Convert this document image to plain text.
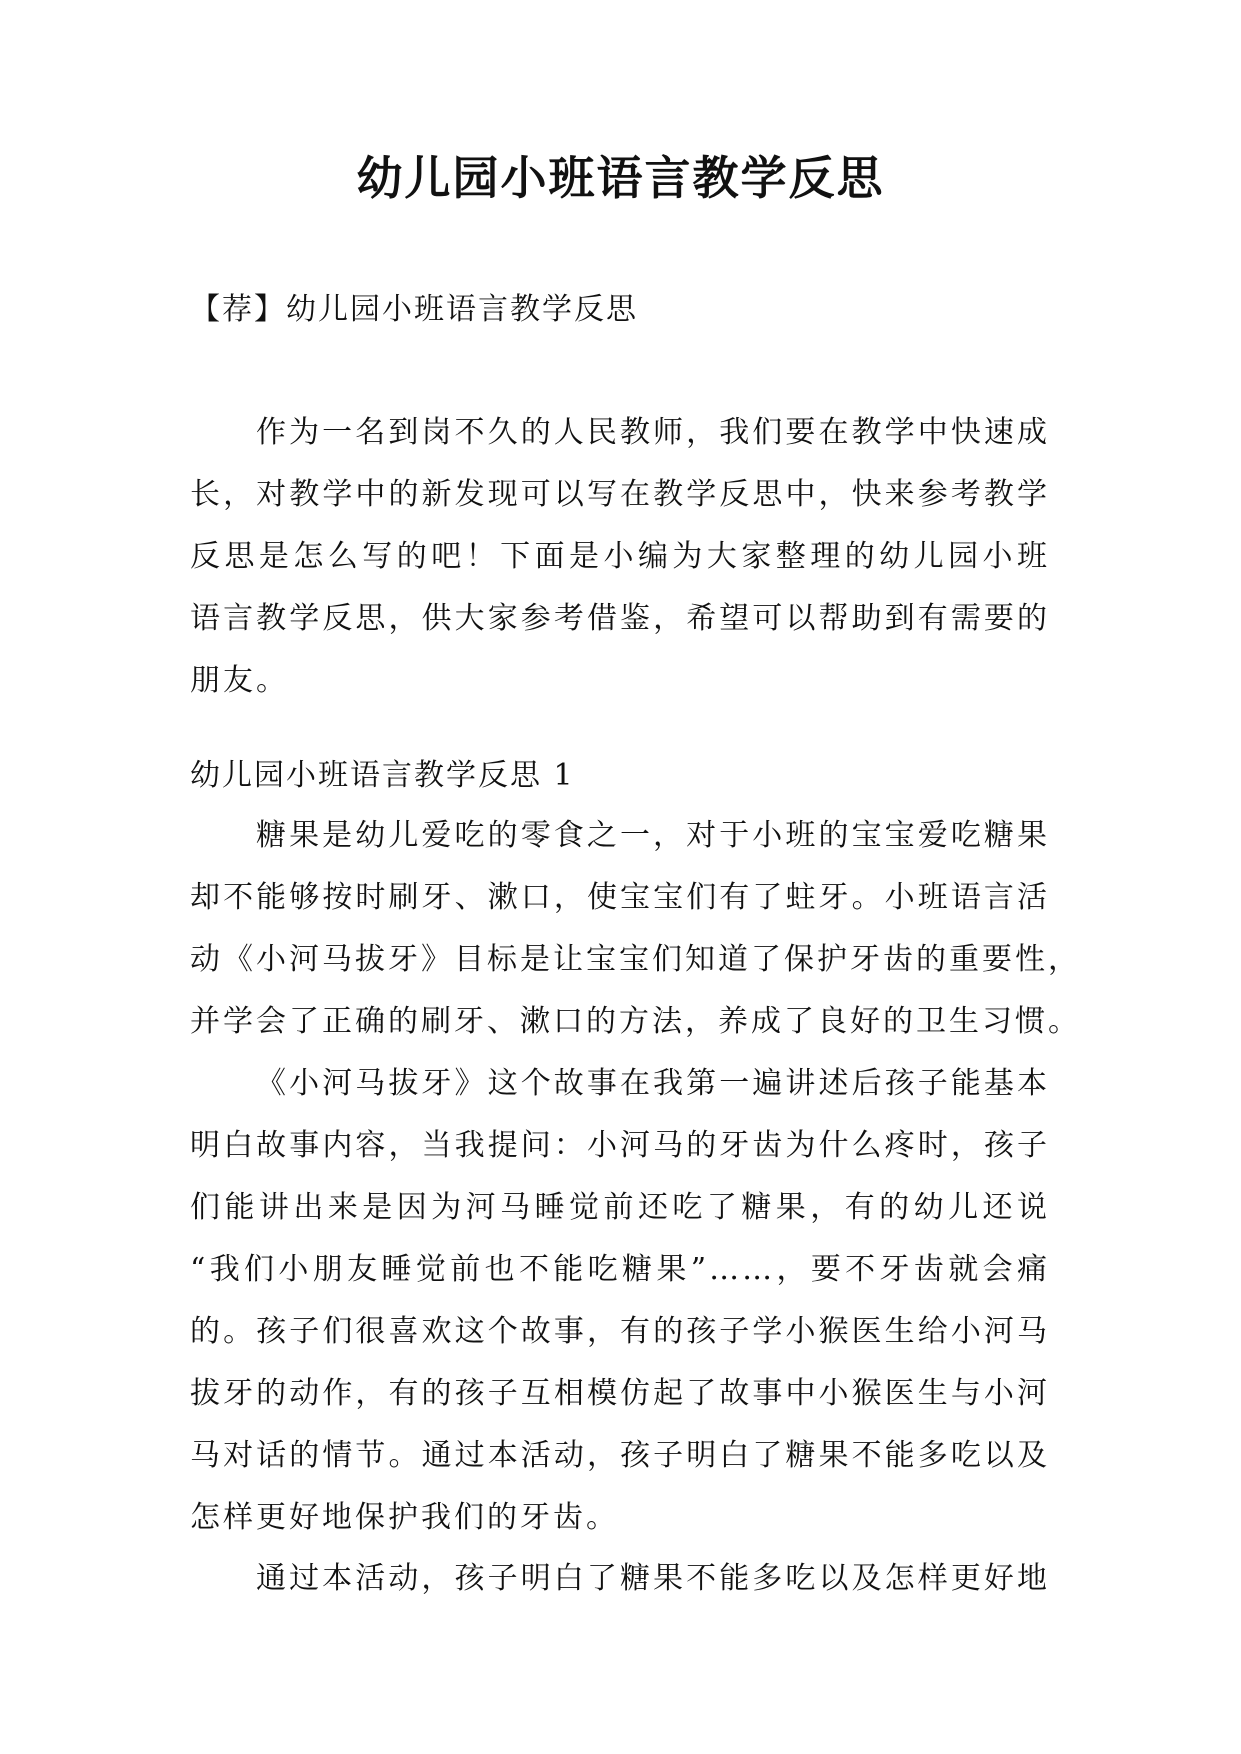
幼儿园小班语言教学反思
【荐】幼儿园小班语言教学反思
作为一名到岗不久的人民教师，我们要在教学中快速成
长，对教学中的新发现可以写在教学反思中，快来参考教学
反思是怎么写的吧！下面是小编为大家整理的幼儿园小班
语言教学反思，供大家参考借鉴，希望可以帮助到有需要的
朋友。
幼儿园小班语言教学反思 1
糖果是幼儿爱吃的零食之一，对于小班的宝宝爱吃糖果
却不能够按时刷牙、漱口，使宝宝们有了蛀牙。小班语言活
动《小河马拔牙》目标是让宝宝们知道了保护牙齿的重要性，
并学会了正确的刷牙、漱口的方法，养成了良好的卫生习惯。
《小河马拔牙》这个故事在我第一遍讲述后孩子能基本
明白故事内容，当我提问：小河马的牙齿为什么疼时，孩子
们能讲出来是因为河马睡觉前还吃了糖果，有的幼儿还说
“我们小朋友睡觉前也不能吃糖果”……，要不牙齿就会痛
的。孩子们很喜欢这个故事，有的孩子学小猴医生给小河马
拔牙的动作，有的孩子互相模仿起了故事中小猴医生与小河
马对话的情节。通过本活动，孩子明白了糖果不能多吃以及
怎样更好地保护我们的牙齿。
通过本活动，孩子明白了糖果不能多吃以及怎样更好地
